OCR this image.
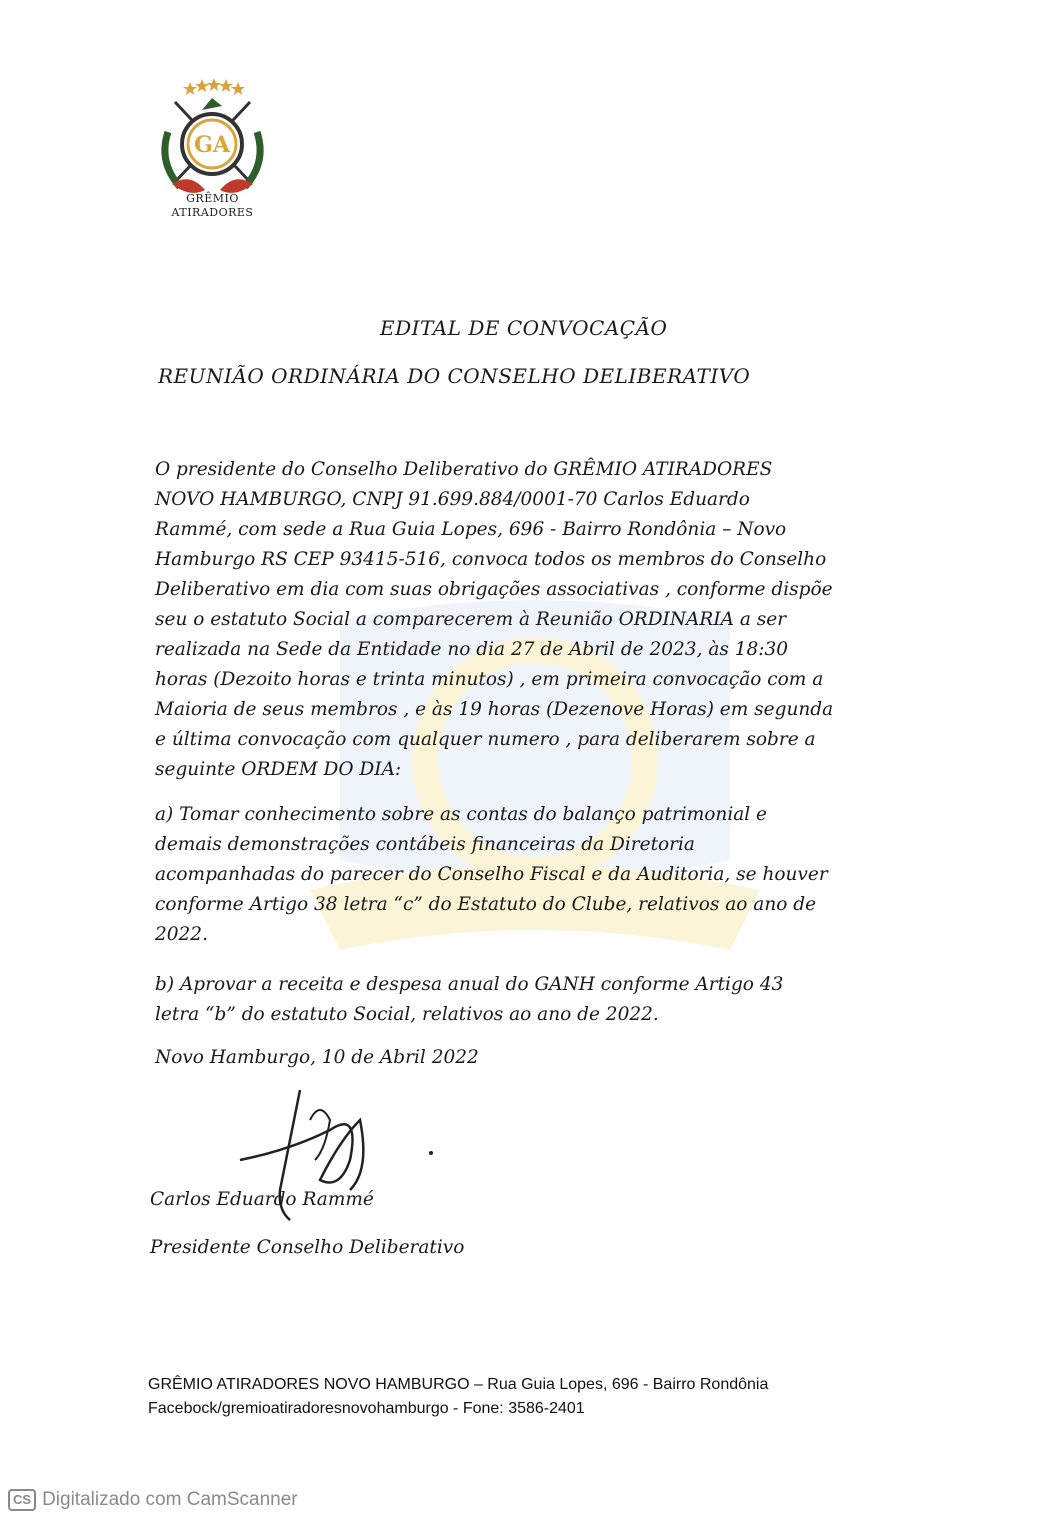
GA
GRÊMIO
ATIRADORES
EDITAL DE CONVOCAÇÃO
REUNIÃO ORDINÁRIA DO CONSELHO DELIBERATIVO
O presidente do Conselho Deliberativo do GRÊMIO ATIRADORES
NOVO HAMBURGO, CNPJ 91.699.884/0001-70 Carlos Eduardo
Rammé, com sede a Rua Guia Lopes, 696 - Bairro Rondônia – Novo
Hamburgo RS CEP 93415-516, convoca todos os membros do Conselho
Deliberativo em dia com suas obrigações associativas , conforme dispõe
seu o estatuto Social a comparecerem à Reunião ORDINARIA a ser
realizada na Sede da Entidade no dia 27 de Abril de 2023, às 18:30
horas (Dezoito horas e trinta minutos) , em primeira convocação com a
Maioria de seus membros , e às 19 horas (Dezenove Horas) em segunda
e última convocação com qualquer numero , para deliberarem sobre a
seguinte ORDEM DO DIA:
a) Tomar conhecimento sobre as contas do balanço patrimonial e
demais demonstrações contábeis financeiras da Diretoria
acompanhadas do parecer do Conselho Fiscal e da Auditoria, se houver
conforme Artigo 38 letra “c” do Estatuto do Clube, relativos ao ano de
2022.
b) Aprovar a receita e despesa anual do GANH conforme Artigo 43
letra “b” do estatuto Social, relativos ao ano de 2022.
Novo Hamburgo, 10 de Abril 2022
Carlos Eduardo Rammé
Presidente Conselho Deliberativo
GRÊMIO ATIRADORES NOVO HAMBURGO – Rua Guia Lopes, 696 - Bairro Rondônia
Facebock/gremioatiradoresnovohamburgo - Fone: 3586-2401
CS Digitalizado com CamScanner
